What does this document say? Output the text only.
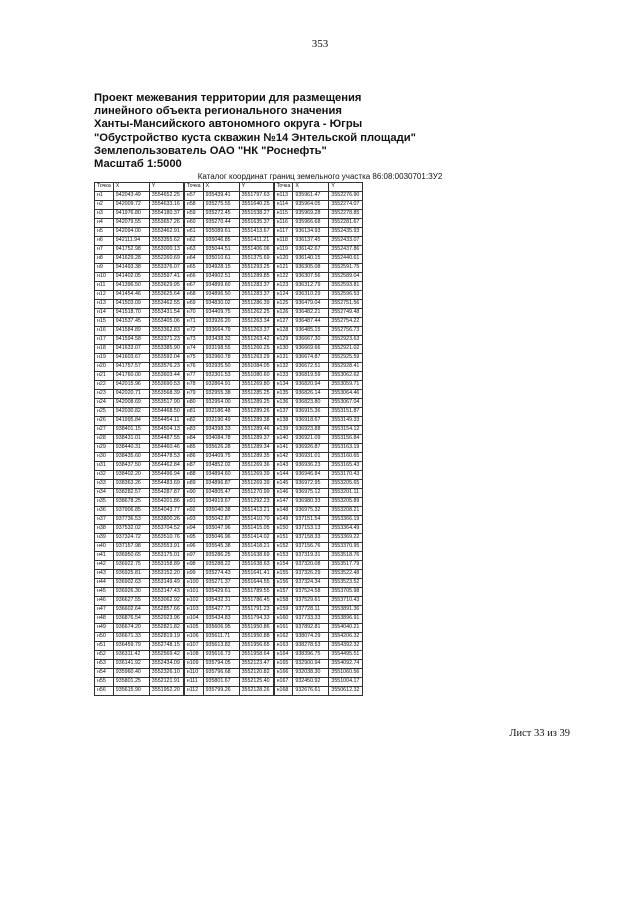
353
Проект межевания территории для размещения
линейного объекта регионального значения
Ханты-Мансийского автономного округа - Югры
"Обустройство куста скважин №14 Энтельской площади"
Землепользователь ОАО "НК "Роснефть"
Масштаб 1:5000
Каталог координат границ земельного участка 86:08:0030701:ЗУ2
Точка	X	Y
н1	942043.49	3554652.25
н2	942009.72	3554633.16
н3	941976.80	3554180.37
н4	942079.55	3553657.26
н5	942094.00	3553462.91
н6	942111.94	3553355.62
н7	941752.98	3553000.13
н8	941629.28	3552260.69
н9	941493.38	3553376.07
н10	941402.05	3553597.41
н11	941396.50	3553629.95
н12	941454.46	3553625.64
н13	941503.09	3553462.55
н14	941518.70	3553431.54
н15	941537.45	3553405.06
н16	941584.89	3553362.83
н17	941594.58	3553371.23
н18	941633.07	3553385.90
н19	941603.67	3553592.04
н20	941757.57	3553576.23
н21	941760.00	3553603.44
н22	942015.96	3553690.53
н23	942020.71	3553568.39
н24	942008.69	3553517.90
н25	942030.82	3554468.50
н26	941995.84	3554454.11
н27	938401.15	3554504.13
н28	938431.01	3554487.55
н29	938440.31	3554460.46
н30	938435.60	3554478.53
н31	938437.50	3554462.84
н32	938402.20	3554496.94
н33	938363.26	3554483.69
н34	938282.57	3554287.87
н35	938678.25	3554201.86
н36	937906.85	3554043.77
н37	937736.53	3553800.26
н38	937532.02	3553704.52
н39	937324.72	3553510.76
н40	937157.98	3553553.91
н41	936950.65	3553175.01
н42	936922.75	3553158.89
н43	936925.81	3553152.20
н44	936902.63	3553149.49
н45	936926.30	3553147.43
н46	936627.55	3553062.92
н47	936602.64	3552857.66
н48	936876.54	3552923.96
н49	936674.20	3552821.82
н50	936671.33	3552819.19
н51	936459.79	3552748.15
н52	936311.42	3552569.42
н53	936141.92	3552434.09
н54	935960.40	3552326.10
н55	935801.25	3552121.91
н56	935615.90	3551952.20
Точка	X	Y
н57	935439.41	3551797.63
н58	935275.55	3551640.25
н59	935272.45	3551538.27
н60	935270.44	3551635.37
н61	935089.61	3551413.67
н62	935046.85	3551411.21
н63	935044.51	3551406.06
н64	935010.61	3551375.69
н65	934928.15	3551293.25
н66	934902.51	3551289.85
н67	934899.60	3551283.37
н68	934896.50	3551283.37
н69	934830.02	3551286.39
н70	934409.75	3551262.25
н71	933926.20	3551263.34
н72	933664.79	3551263.37
н73	933438.32	3551263.42
н74	933198.55	3551260.25
н75	932960.78	3551263.29
н76	932935.50	3551084.05
н77	932301.53	3551080.60
н78	932864.91	3551269.80
н79	932955.38	3551285.25
н80	932954.00	3551289.25
н81	932186.48	3551289.26
н82	932190.49	3551289.38
н83	934398.33	3551289.46
н84	934084.78	3551289.37
н85	935626.28	3551289.34
н86	934409.75	3551289.35
н87	934852.02	3551269.36
н88	934894.60	3551269.39
н89	934896.87	3551269.39
н90	934805.47	3551270.99
н91	934919.67	3551292.23
н92	935040.38	3551413.21
н93	935042.87	3551410.70
н94	935047.96	3551415.05
н95	935046.96	3551414.02
н96	935545.38	3551418.21
н97	935286.25	3551638.69
н98	935288.22	3551638.63
н99	935274.43	3551641.41
н100	935271.37	3551644.55
н101	935429.61	3551789.55
н102	935432.31	3551786.45
н103	935427.71	3551791.23
н104	935434.83	3551794.33
н105	935606.95	3551950.86
н106	935611.71	3551950.88
н107	935613.82	3551956.65
н108	935616.73	3551958.64
н109	935794.05	3552123.47
н110	935796.68	3552120.82
н111	935801.67	3552125.40
н112	935799.26	3552128.26
Точка	X	Y
н113	935961.47	3552276.90
н114	935964.05	3552274.07
н115	935969.28	3552278.85
н116	935966.68	3552281.67
н117	936134.93	3552435.93
н118	936137.45	3552433.07
н119	936142.67	3552437.86
н120	936140.15	3552440.61
н121	936305.08	3552591.75
н122	936307.56	3552589.04
н123	936312.79	3552593.81
н124	936310.29	3552596.53
н125	936479.04	3552751.56
н126	936482.21	3552749.48
н127	936487.44	3552754.22
н128	936485.15	3552756.73
н129	936667.30	3552923.63
н130	936669.66	3552921.02
н131	936674.87	3552925.59
н132	936672.51	3552928.41
н133	936819.59	3553062.62
н134	936820.94	3553059.71
н135	936826.14	3553064.46
н136	936823.80	3553067.04
н137	936915.36	3553151.87
н138	936918.67	3553149.33
н139	936923.88	3553154.12
н140	936921.09	3553156.84
н141	936926.87	3553163.19
н142	936931.01	3553160.65
н143	936936.23	3553165.43
н144	936946.84	3553170.43
н145	936972.95	3553205.65
н146	936975.12	3553201.11
н147	936980.33	3553205.89
н148	936975.32	3553208.21
н149	937151.54	3553366.19
н150	937153.13	3553364.49
н151	937158.33	3553369.22
н152	937156.76	3553370.95
н153	937319.31	3553518.76
н154	937320.08	3553517.79
н155	937326.29	3553522.48
н156	937324.34	3553523.52
н157	937524.58	3553705.98
н158	937529.61	3553710.43
н159	937728.11	3553891.36
н160	937733.33	3553896.91
н161	937892.81	3554040.21
н162	938074.29	3554206.32
н163	938278.53	3554392.32
н164	938396.75	3554495.51
н165	932900.94	3554092.74
н166	932038.30	3551060.56
н167	932450.92	3551004.17
н168	932676.61	3550612.32
Лист 33 из 39
